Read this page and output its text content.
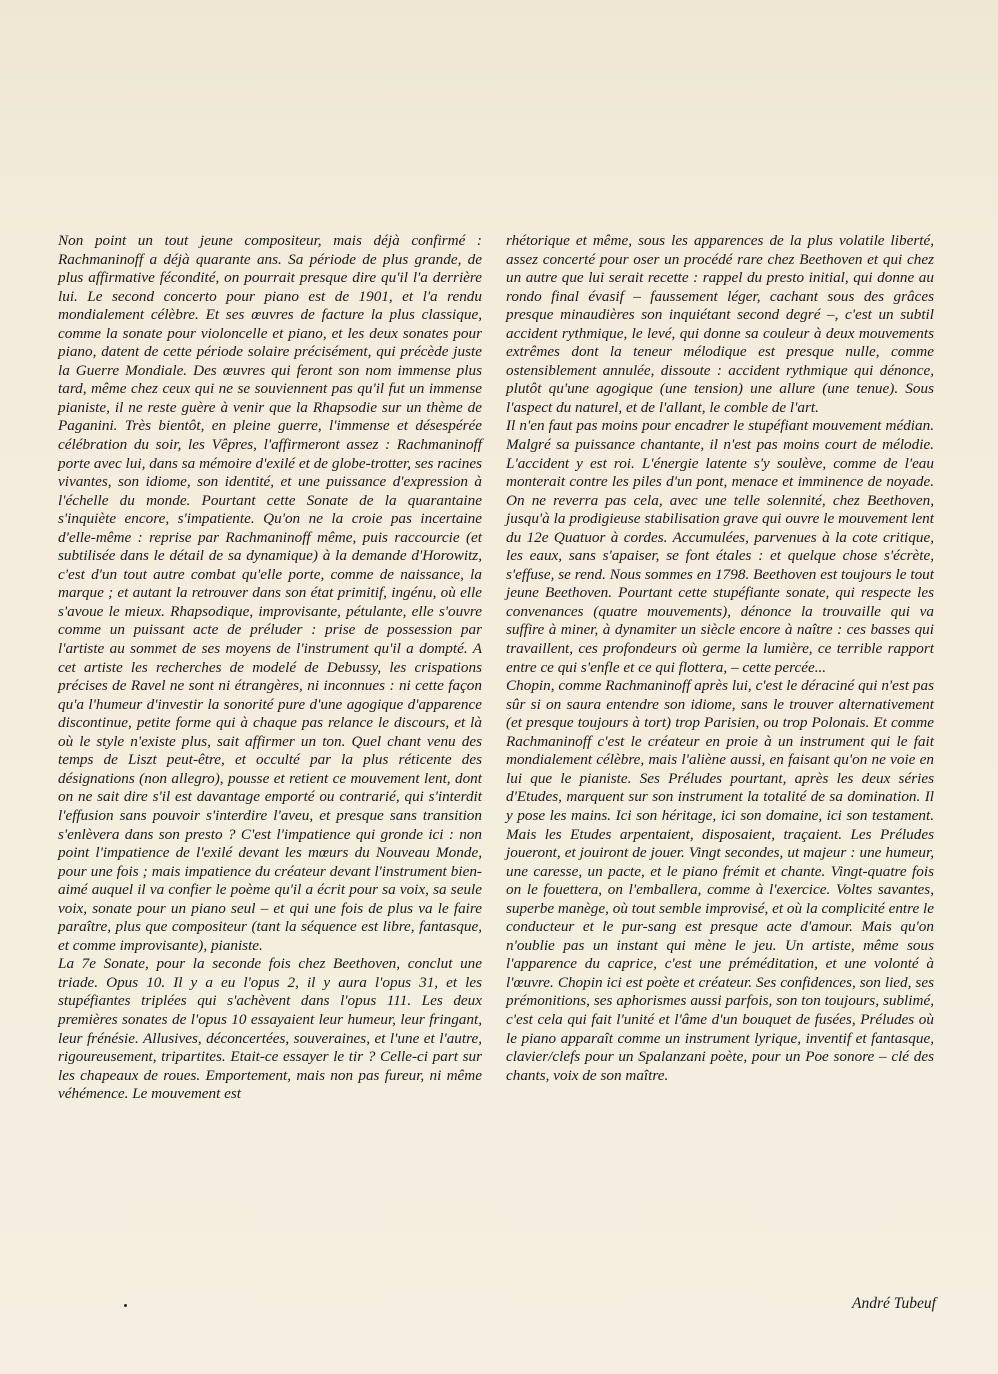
Non point un tout jeune compositeur, mais déjà confirmé : Rachmaninoff a déjà quarante ans. Sa période de plus grande, de plus affirmative fécondité, on pourrait presque dire qu'il l'a derrière lui. Le second concerto pour piano est de 1901, et l'a rendu mondialement célèbre. Et ses œuvres de facture la plus classique, comme la sonate pour violoncelle et piano, et les deux sonates pour piano, datent de cette période solaire précisément, qui précède juste la Guerre Mondiale. Des œuvres qui feront son nom immense plus tard, même chez ceux qui ne se souviennent pas qu'il fut un immense pianiste, il ne reste guère à venir que la Rhapsodie sur un thème de Paganini. Très bientôt, en pleine guerre, l'immense et désespérée célébration du soir, les Vêpres, l'affirmeront assez : Rachmaninoff porte avec lui, dans sa mémoire d'exilé et de globe-trotter, ses racines vivantes, son idiome, son identité, et une puissance d'expression à l'échelle du monde. Pourtant cette Sonate de la quarantaine s'inquiète encore, s'impatiente. Qu'on ne la croie pas incertaine d'elle-même : reprise par Rachmaninoff même, puis raccourcie (et subtilisée dans le détail de sa dynamique) à la demande d'Horowitz, c'est d'un tout autre combat qu'elle porte, comme de naissance, la marque ; et autant la retrouver dans son état primitif, ingénu, où elle s'avoue le mieux. Rhapsodique, improvisante, pétulante, elle s'ouvre comme un puissant acte de préluder : prise de possession par l'artiste au sommet de ses moyens de l'instrument qu'il a dompté. A cet artiste les recherches de modelé de Debussy, les crispations précises de Ravel ne sont ni étrangères, ni inconnues : ni cette façon qu'a l'humeur d'investir la sonorité pure d'une agogique d'apparence discontinue, petite forme qui à chaque pas relance le discours, et là où le style n'existe plus, sait affirmer un ton. Quel chant venu des temps de Liszt peut-être, et occulté par la plus réticente des désignations (non allegro), pousse et retient ce mouvement lent, dont on ne sait dire s'il est davantage emporté ou contrarié, qui s'interdit l'effusion sans pouvoir s'interdire l'aveu, et presque sans transition s'enlèvera dans son presto ? C'est l'impatience qui gronde ici : non point l'impatience de l'exilé devant les mœurs du Nouveau Monde, pour une fois ; mais impatience du créateur devant l'instrument bien-aimé auquel il va confier le poème qu'il a écrit pour sa voix, sa seule voix, sonate pour un piano seul – et qui une fois de plus va le faire paraître, plus que compositeur (tant la séquence est libre, fantasque, et comme improvisante), pianiste.

La 7e Sonate, pour la seconde fois chez Beethoven, conclut une triade. Opus 10. Il y a eu l'opus 2, il y aura l'opus 31, et les stupéfiantes triplées qui s'achèvent dans l'opus 111. Les deux premières sonates de l'opus 10 essayaient leur humeur, leur fringant, leur frénésie. Allusives, déconcertées, souveraines, et l'une et l'autre, rigoureusement, tripartites. Etait-ce essayer le tir ? Celle-ci part sur les chapeaux de roues. Emportement, mais non pas fureur, ni même véhémence. Le mouvement est

rhétorique et même, sous les apparences de la plus volatile liberté, assez concerté pour oser un procédé rare chez Beethoven et qui chez un autre que lui serait recette : rappel du presto initial, qui donne au rondo final évasif – faussement léger, cachant sous des grâces presque minaudières son inquiétant second degré –, c'est un subtil accident rythmique, le levé, qui donne sa couleur à deux mouvements extrêmes dont la teneur mélodique est presque nulle, comme ostensiblement annulée, dissoute : accident rythmique qui dénonce, plutôt qu'une agogique (une tension) une allure (une tenue). Sous l'aspect du naturel, et de l'allant, le comble de l'art.

Il n'en faut pas moins pour encadrer le stupéfiant mouvement médian. Malgré sa puissance chantante, il n'est pas moins court de mélodie. L'accident y est roi. L'énergie latente s'y soulève, comme de l'eau monterait contre les piles d'un pont, menace et imminence de noyade. On ne reverra pas cela, avec une telle solennité, chez Beethoven, jusqu'à la prodigieuse stabilisation grave qui ouvre le mouvement lent du 12e Quatuor à cordes. Accumulées, parvenues à la cote critique, les eaux, sans s'apaiser, se font étales : et quelque chose s'écrète, s'effuse, se rend. Nous sommes en 1798. Beethoven est toujours le tout jeune Beethoven. Pourtant cette stupéfiante sonate, qui respecte les convenances (quatre mouvements), dénonce la trouvaille qui va suffire à miner, à dynamiter un siècle encore à naître : ces basses qui travaillent, ces profondeurs où germe la lumière, ce terrible rapport entre ce qui s'enfle et ce qui flottera, – cette percée...

Chopin, comme Rachmaninoff après lui, c'est le déraciné qui n'est pas sûr si on saura entendre son idiome, sans le trouver alternativement (et presque toujours à tort) trop Parisien, ou trop Polonais. Et comme Rachmaninoff c'est le créateur en proie à un instrument qui le fait mondialement célèbre, mais l'aliène aussi, en faisant qu'on ne voie en lui que le pianiste. Ses Préludes pourtant, après les deux séries d'Etudes, marquent sur son instrument la totalité de sa domination. Il y pose les mains. Ici son héritage, ici son domaine, ici son testament. Mais les Etudes arpentaient, disposaient, traçaient. Les Préludes joueront, et jouiront de jouer. Vingt secondes, ut majeur : une humeur, une caresse, un pacte, et le piano frémit et chante. Vingt-quatre fois on le fouettera, on l'emballera, comme à l'exercice. Voltes savantes, superbe manège, où tout semble improvisé, et où la complicité entre le conducteur et le pur-sang est presque acte d'amour. Mais qu'on n'oublie pas un instant qui mène le jeu. Un artiste, même sous l'apparence du caprice, c'est une préméditation, et une volonté à l'œuvre. Chopin ici est poète et créateur. Ses confidences, son lied, ses prémonitions, ses aphorismes aussi parfois, son ton toujours, sublimé, c'est cela qui fait l'unité et l'âme d'un bouquet de fusées, Préludes où le piano apparaît comme un instrument lyrique, inventif et fantasque, clavier/clefs pour un Spalanzani poète, pour un Poe sonore – clé des chants, voix de son maître.

André Tubeuf
